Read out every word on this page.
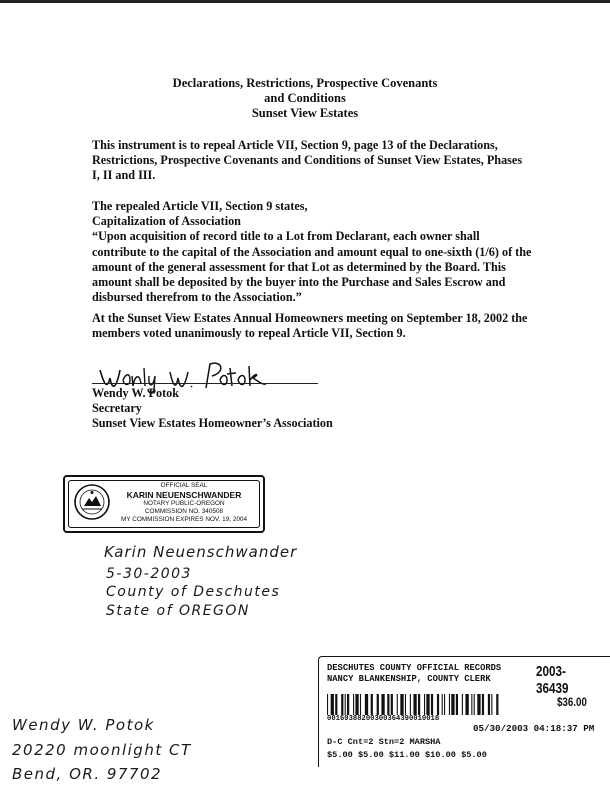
Declarations, Restrictions, Prospective Covenants
and Conditions
Sunset View Estates

This instrument is to repeal Article VII, Section 9, page 13 of the Declarations, Restrictions, Prospective Covenants and Conditions of Sunset View Estates, Phases I, II and III.

The repealed Article VII, Section 9 states,
Capitalization of Association
“Upon acquisition of record title to a Lot from Declarant, each owner shall contribute to the capital of the Association and amount equal to one-sixth (1/6) of the amount of the general assessment for that Lot as determined by the Board. This amount shall be deposited by the buyer into the Purchase and Sales Escrow and disbursed therefrom to the Association.”

At the Sunset View Estates Annual Homeowners meeting on September 18, 2002 the members voted unanimously to repeal Article VII, Section 9.

Wendy W. Potok
Secretary
Sunset View Estates Homeowner’s Association
OFFICIAL SEAL
KARIN NEUENSCHWANDER
NOTARY PUBLIC-OREGON
COMMISSION NO. 340508
MY COMMISSION EXPIRES NOV. 19, 2004
Karin Neuenschwander
5-30-2003
County of Deschutes
State of OREGON
Wendy W. Potok
20220 moonlight CT
Bend, OR. 97702
DESCHUTES COUNTY OFFICIAL RECORDS
NANCY BLANKENSHIP, COUNTY CLERK	2003-36439
$36.00
00169388200300364390010018
05/30/2003 04:18:37 PM
D-C Cnt=2 Stn=2 MARSHA
$5.00 $5.00 $11.00 $10.00 $5.00
